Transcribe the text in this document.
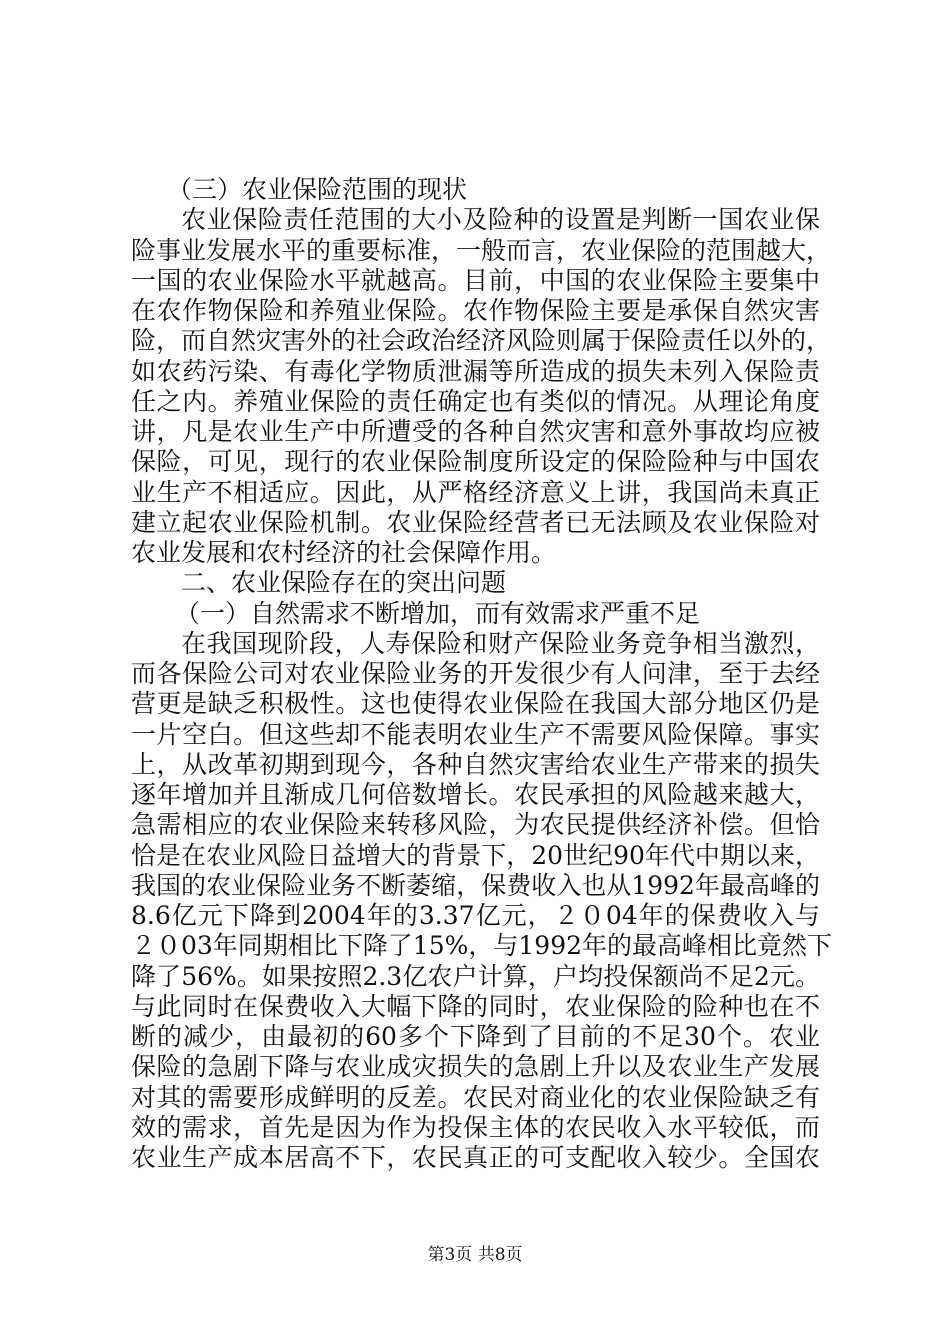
（三）农业保险范围的现状
农业保险责任范围的大小及险种的设置是判断一国农业保
险事业发展水平的重要标准，一般而言，农业保险的范围越大，
一国的农业保险水平就越高。目前，中国的农业保险主要集中
在农作物保险和养殖业保险。农作物保险主要是承保自然灾害
险，而自然灾害外的社会政治经济风险则属于保险责任以外的，
如农药污染、有毒化学物质泄漏等所造成的损失未列入保险责
任之内。养殖业保险的责任确定也有类似的情况。从理论角度
讲，凡是农业生产中所遭受的各种自然灾害和意外事故均应被
保险，可见，现行的农业保险制度所设定的保险险种与中国农
业生产不相适应。因此，从严格经济意义上讲，我国尚未真正
建立起农业保险机制。农业保险经营者已无法顾及农业保险对
农业发展和农村经济的社会保障作用。
二、农业保险存在的突出问题
（一）自然需求不断增加，而有效需求严重不足
在我国现阶段，人寿保险和财产保险业务竞争相当激烈，
而各保险公司对农业保险业务的开发很少有人问津，至于去经
营更是缺乏积极性。这也使得农业保险在我国大部分地区仍是
一片空白。但这些却不能表明农业生产不需要风险保障。事实
上，从改革初期到现今，各种自然灾害给农业生产带来的损失
逐年增加并且渐成几何倍数增长。农民承担的风险越来越大，
急需相应的农业保险来转移风险，为农民提供经济补偿。但恰
恰是在农业风险日益增大的背景下，20世纪90年代中期以来，
我国的农业保险业务不断萎缩，保费收入也从1992年最高峰的
8.6亿元下降到2004年的3.37亿元，２０04年的保费收入与
２０03年同期相比下降了15%，与1992年的最高峰相比竟然下
降了56%。如果按照2.3亿农户计算，户均投保额尚不足2元。
与此同时在保费收入大幅下降的同时，农业保险的险种也在不
断的减少，由最初的60多个下降到了目前的不足30个。农业
保险的急剧下降与农业成灾损失的急剧上升以及农业生产发展
对其的需要形成鲜明的反差。农民对商业化的农业保险缺乏有
效的需求，首先是因为作为投保主体的农民收入水平较低，而
农业生产成本居高不下，农民真正的可支配收入较少。全国农
第3页 共8页
